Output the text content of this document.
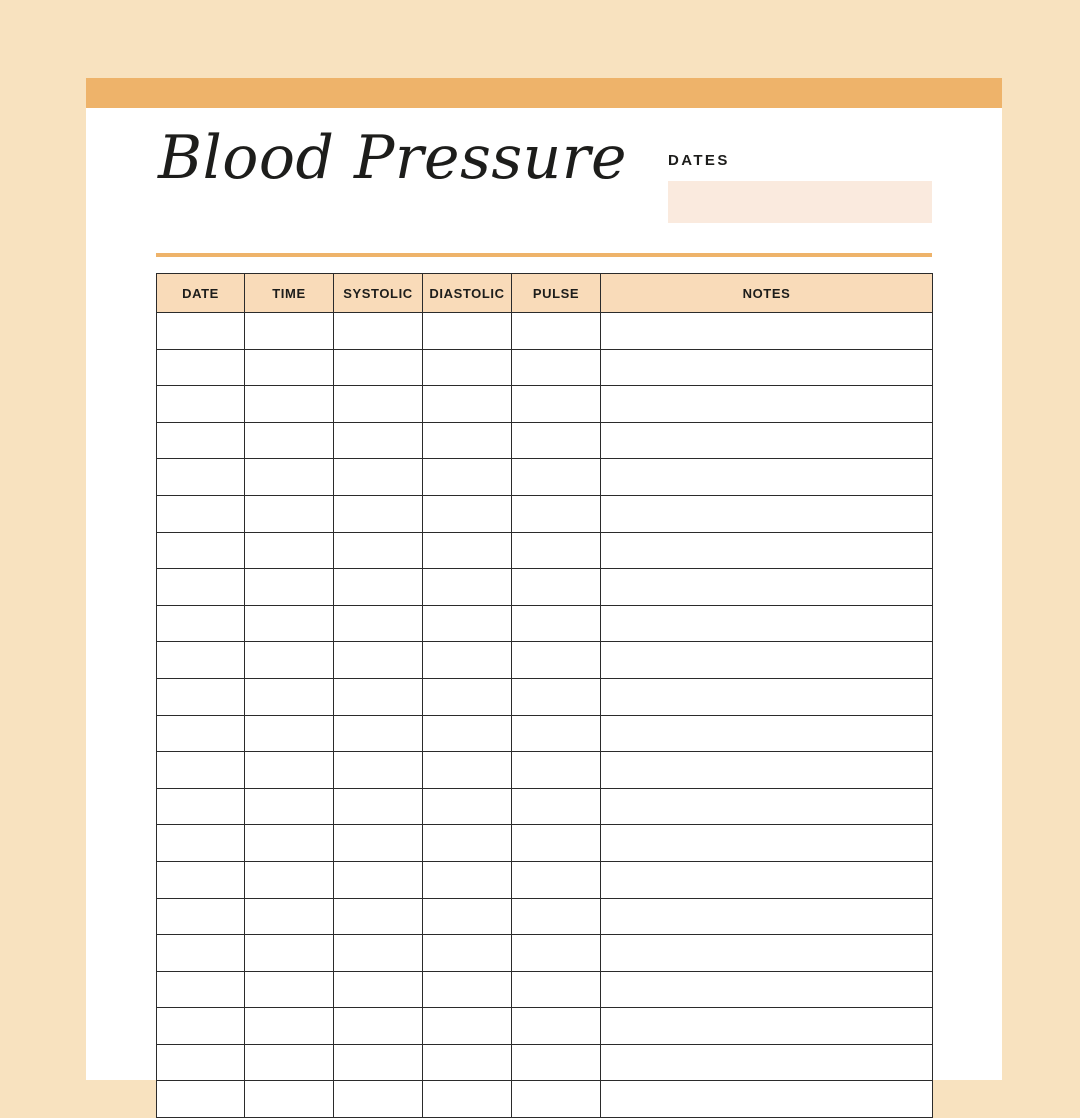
Blood Pressure	DATES
DATE	TIME	SYSTOLIC	DIASTOLIC	PULSE	NOTES
